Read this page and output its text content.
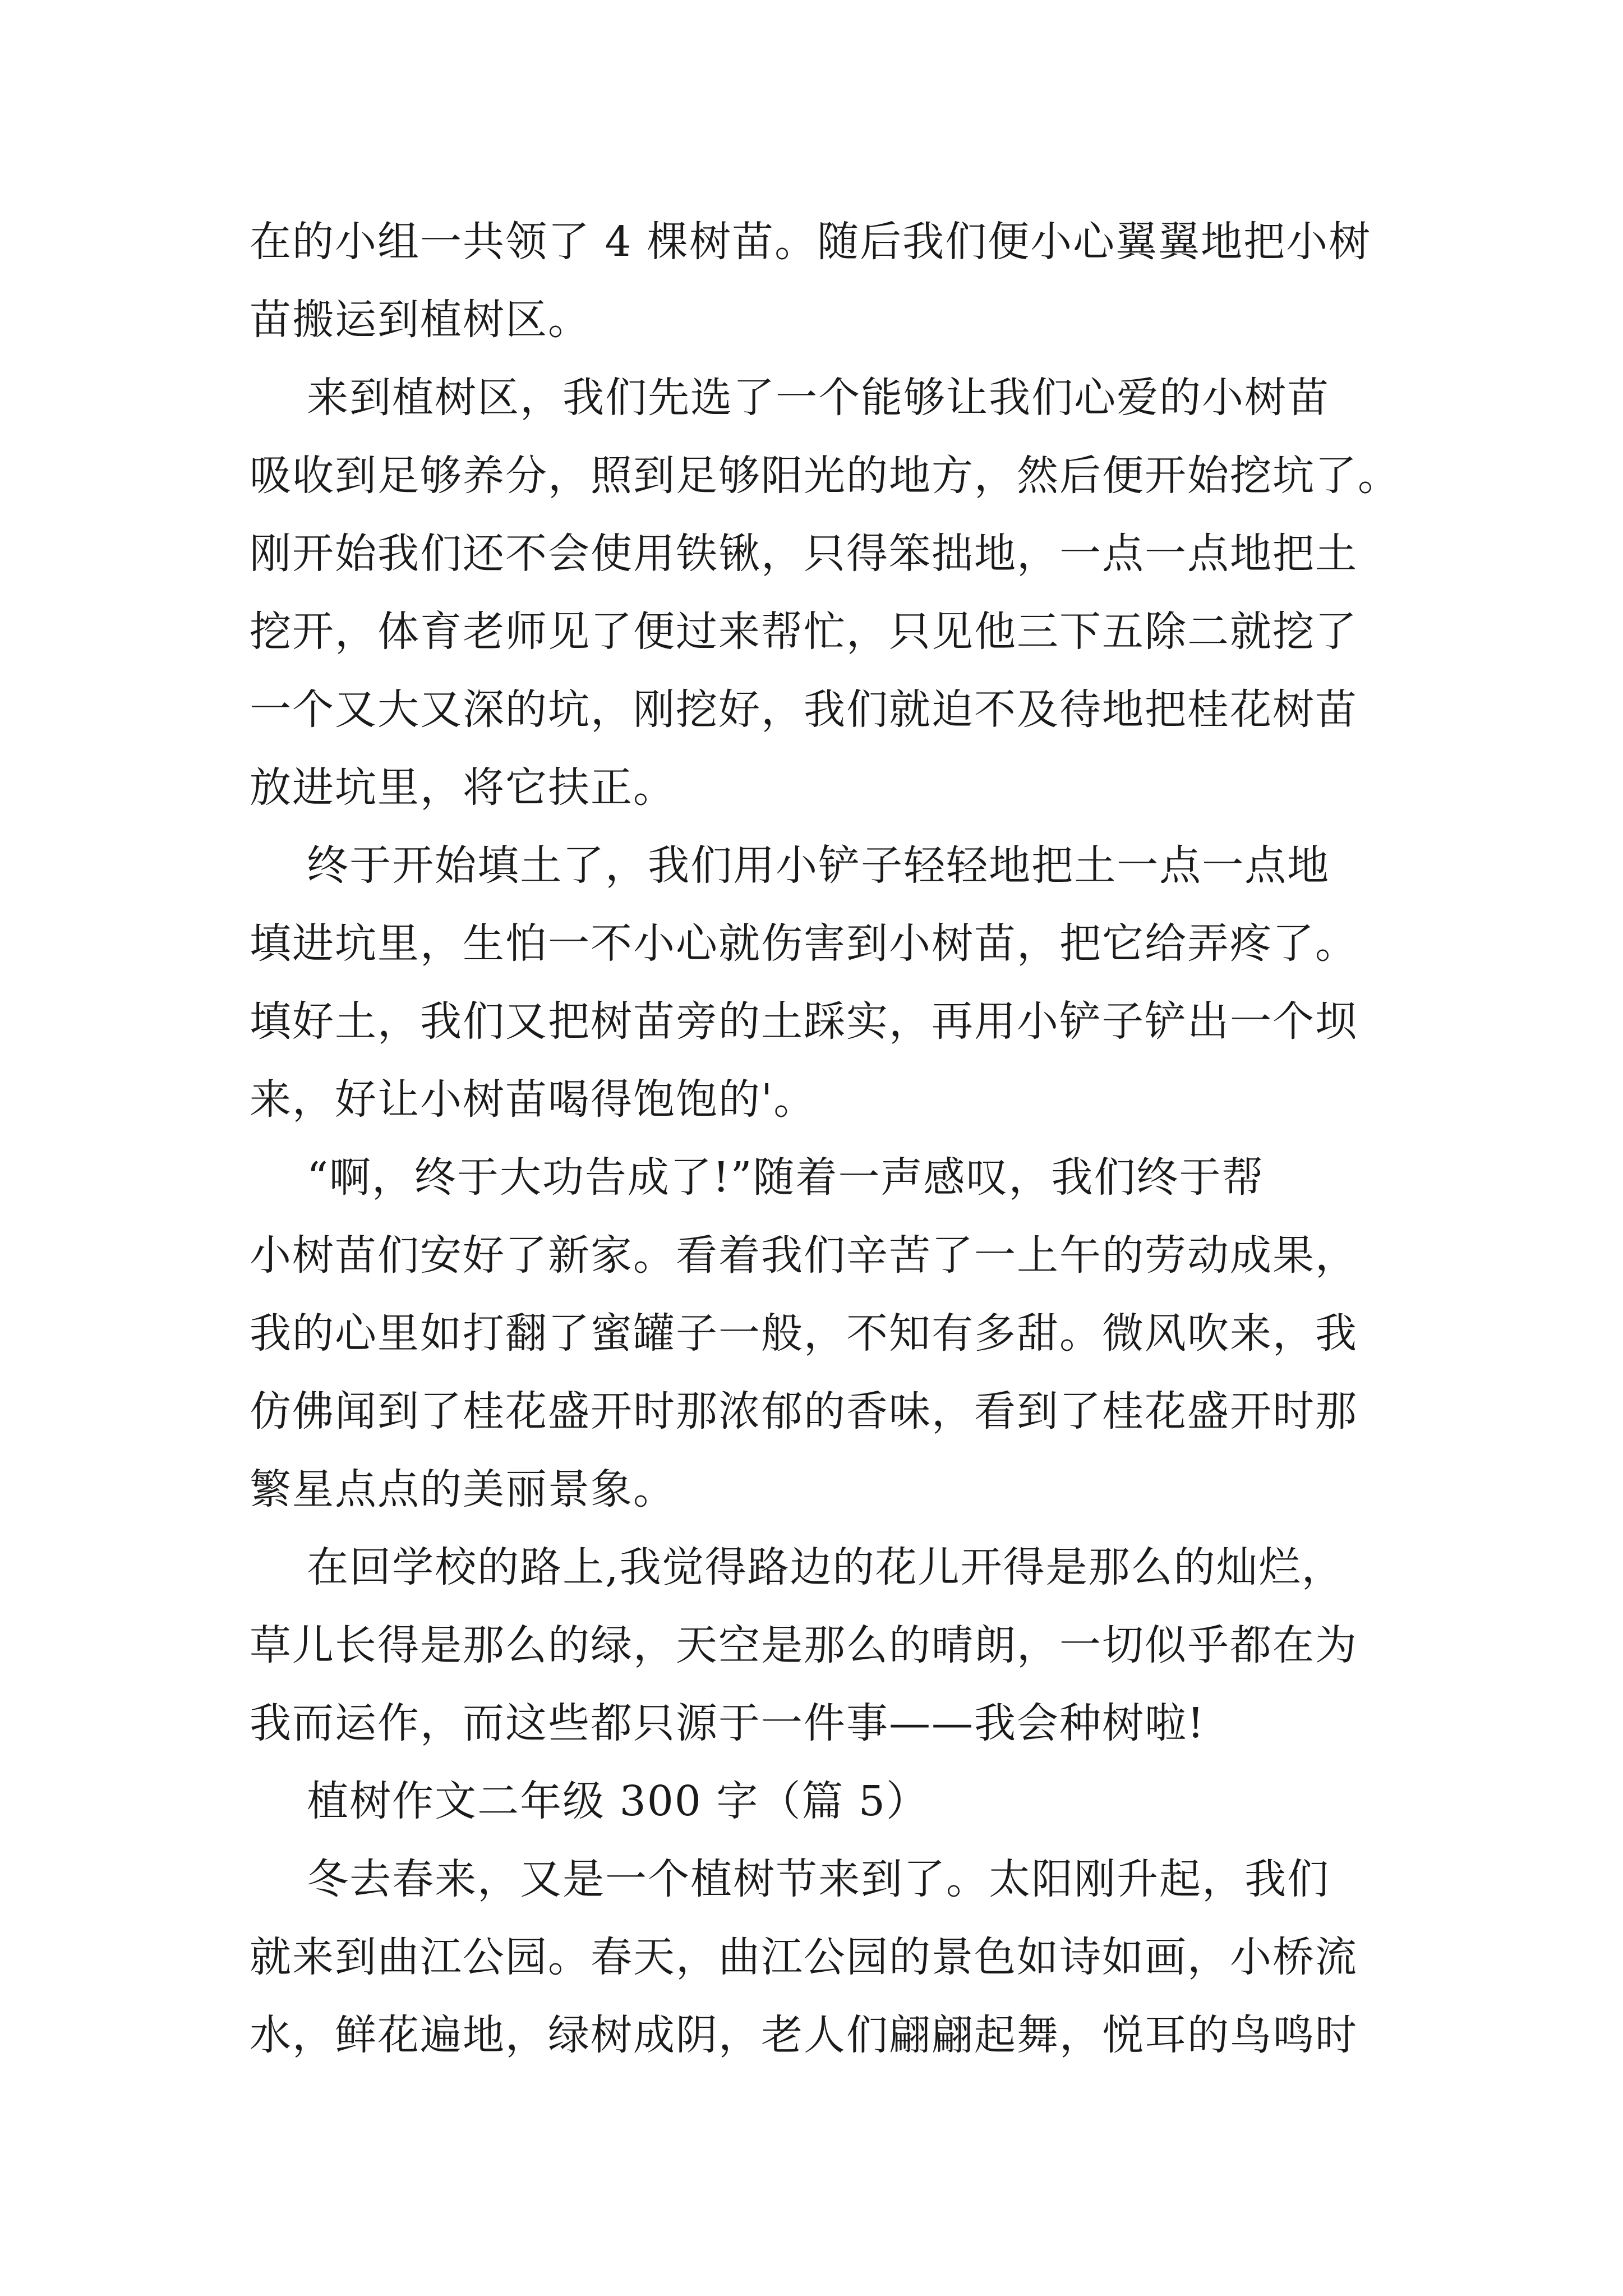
在的小组一共领了 4 棵树苗。随后我们便小心翼翼地把小树
苗搬运到植树区。
来到植树区，我们先选了一个能够让我们心爱的小树苗
吸收到足够养分，照到足够阳光的地方，然后便开始挖坑了。
刚开始我们还不会使用铁锹，只得笨拙地，一点一点地把土
挖开，体育老师见了便过来帮忙，只见他三下五除二就挖了
一个又大又深的坑，刚挖好，我们就迫不及待地把桂花树苗
放进坑里，将它扶正。
终于开始填土了，我们用小铲子轻轻地把土一点一点地
填进坑里，生怕一不小心就伤害到小树苗，把它给弄疼了。
填好土，我们又把树苗旁的土踩实，再用小铲子铲出一个坝
来，好让小树苗喝得饱饱的'。
“啊，终于大功告成了!”随着一声感叹，我们终于帮
小树苗们安好了新家。看着我们辛苦了一上午的劳动成果，
我的心里如打翻了蜜罐子一般，不知有多甜。微风吹来，我
仿佛闻到了桂花盛开时那浓郁的香味，看到了桂花盛开时那
繁星点点的美丽景象。
在回学校的路上,我觉得路边的花儿开得是那么的灿烂，
草儿长得是那么的绿，天空是那么的晴朗，一切似乎都在为
我而运作，而这些都只源于一件事——我会种树啦!
植树作文二年级 300 字（篇 5）
冬去春来，又是一个植树节来到了。太阳刚升起，我们
就来到曲江公园。春天，曲江公园的景色如诗如画，小桥流
水，鲜花遍地，绿树成阴，老人们翩翩起舞，悦耳的鸟鸣时
